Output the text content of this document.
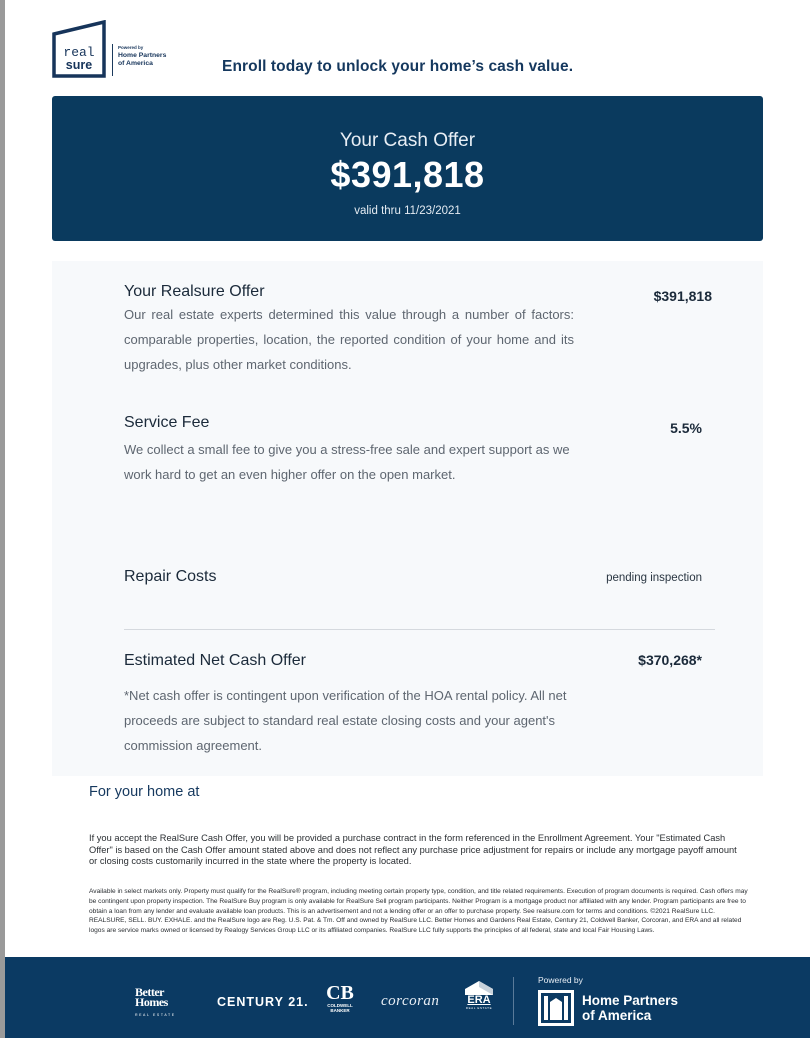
real
sure
Powered by
Home Partners
of America	Enroll today to unlock your home’s cash value.
Your Cash Offer
$391,818
valid thru 11/23/2021
Your Realsure Offer	$391,818
Our real estate experts determined this value through a number of factors: comparable properties, location, the reported condition of your home and its upgrades, plus other market conditions.
Service Fee	5.5%
We collect a small fee to give you a stress-free sale and expert support as we work hard to get an even higher offer on the open market.
Repair Costs	pending inspection
Estimated Net Cash Offer	$370,268*
*Net cash offer is contingent upon verification of the HOA rental policy. All net proceeds are subject to standard real estate closing costs and your agent's commission agreement.
For your home at
If you accept the RealSure Cash Offer, you will be provided a purchase contract in the form referenced in the Enrollment Agreement. Your "Estimated Cash Offer" is based on the Cash Offer amount stated above and does not reflect any purchase price adjustment for repairs or include any mortgage payoff amount or closing costs customarily incurred in the state where the property is located.
Available in select markets only. Property must qualify for the RealSure® program, including meeting certain property type, condition, and title related requirements. Execution of program documents is required. Cash offers may be contingent upon property inspection. The RealSure Buy program is only available for RealSure Sell program participants. Neither Program is a mortgage product nor affiliated with any lender. Program participants are free to obtain a loan from any lender and evaluate available loan products. This is an advertisement and not a lending offer or an offer to purchase property. See realsure.com for terms and conditions. ©2021 RealSure LLC. REALSURE, SELL. BUY. EXHALE. and the RealSure logo are Reg. U.S. Pat. & Tm. Off and owned by RealSure LLC. Better Homes and Gardens Real Estate, Century 21, Coldwell Banker, Corcoran, and ERA and all related logos are service marks owned or licensed by Realogy Services Group LLC or its affiliated companies. RealSure LLC fully supports the principles of all federal, state and local Fair Housing Laws.
Better
Homes
REAL ESTATE
CENTURY 21. CB
COLDWELL
BANKER
corcoran	ERA
REAL ESTATE
Powered by
Home Partners
of America
